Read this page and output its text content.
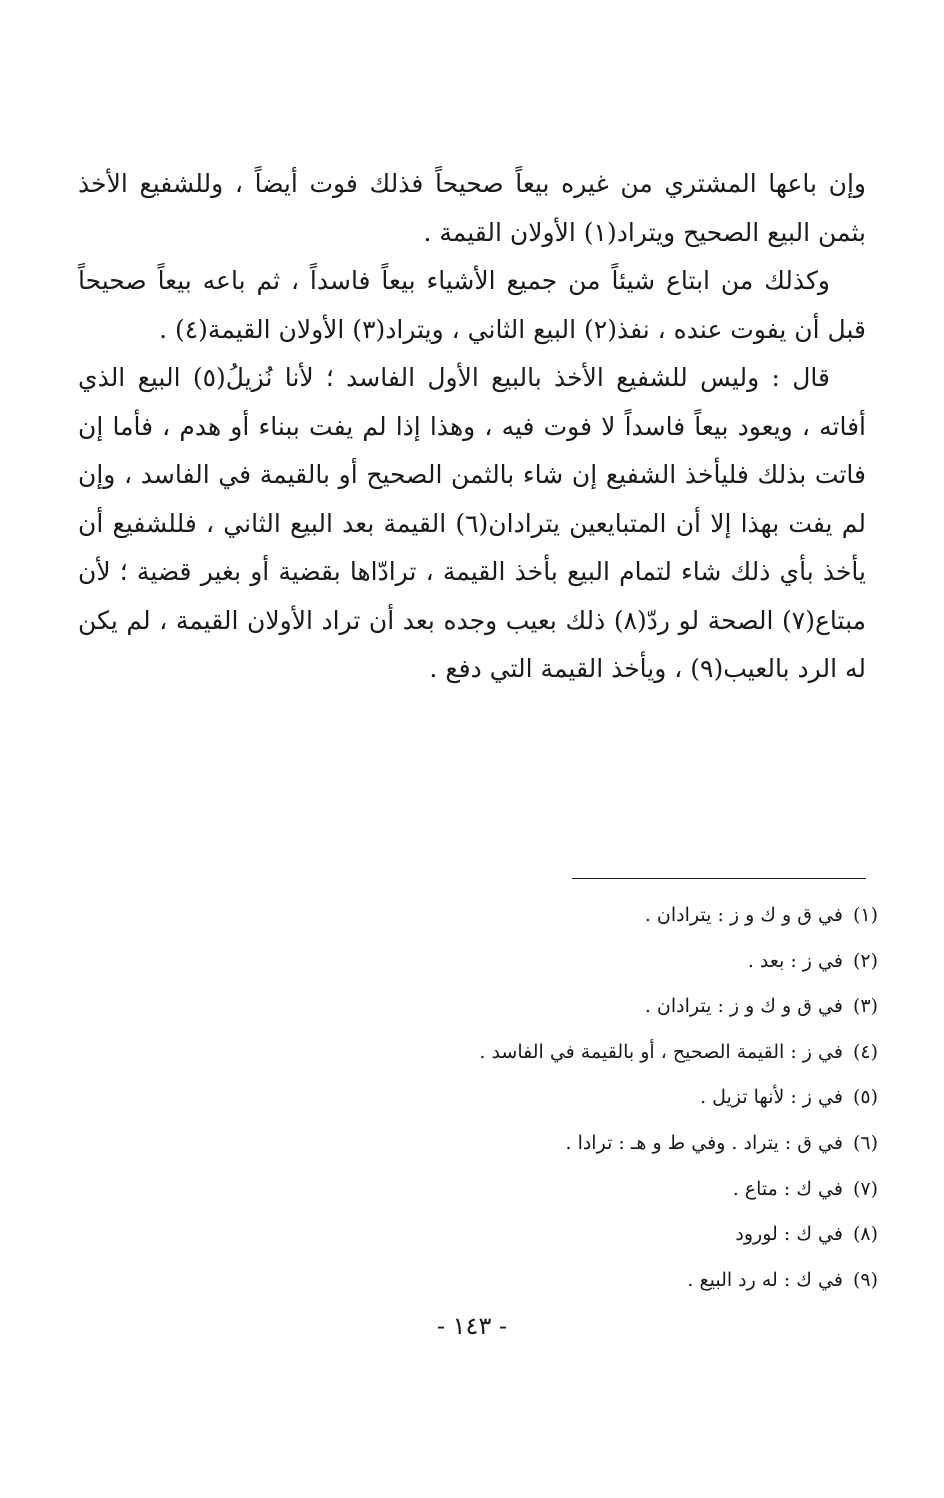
وإن باعها المشتري من غيره بيعاً صحيحاً فذلك فوت أيضاً ، وللشفيع الأخذ بثمن البيع الصحيح ويتراد(١) الأولان القيمة .

وكذلك من ابتاع شيئاً من جميع الأشياء بيعاً فاسداً ، ثم باعه بيعاً صحيحاً قبل أن يفوت عنده ، نفذ(٢) البيع الثاني ، ويتراد(٣) الأولان القيمة(٤) .

قال : وليس للشفيع الأخذ بالبيع الأول الفاسد ؛ لأنا نُزيلُ(٥) البيع الذي أفاته ، ويعود بيعاً فاسداً لا فوت فيه ، وهذا إذا لم يفت ببناء أو هدم ، فأما إن فاتت بذلك فليأخذ الشفيع إن شاء بالثمن الصحيح أو بالقيمة في الفاسد ، وإن لم يفت بهذا إلا أن المتبايعين يترادان(٦) القيمة بعد البيع الثاني ، فللشفيع أن يأخذ بأي ذلك شاء لتمام البيع بأخذ القيمة ، ترادّاها بقضية أو بغير قضية ؛ لأن مبتاع(٧) الصحة لو ردّ(٨) ذلك بعيب وجده بعد أن تراد الأولان القيمة ، لم يكن له الرد بالعيب(٩) ، ويأخذ القيمة التي دفع .

(١)في ق و ك و ز : يترادان .
(٢)في ز : بعد .
(٣)في ق و ك و ز : يترادان .
(٤)في ز : القيمة الصحيح ، أو بالقيمة في الفاسد .
(٥)في ز : لأنها تزيل .
(٦)في ق : يتراد . وفي ط و هـ : ترادا .
(٧)في ك : متاع .
(٨)في ك : لورود
(٩)في ك : له رد البيع .
- ١٤٣ -
